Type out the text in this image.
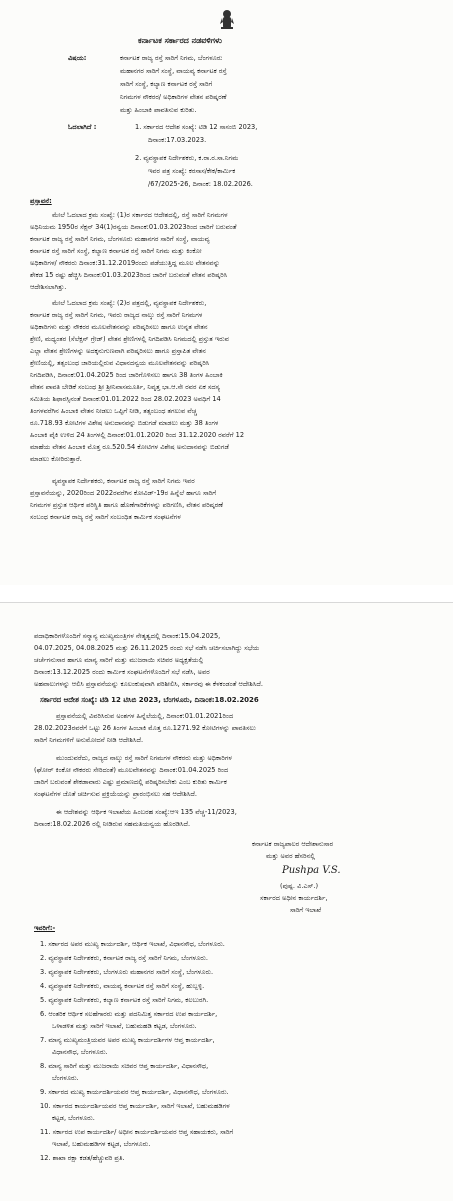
ಕರ್ನಾಟಕ ಸರ್ಕಾರದ ನಡವಳಿಗಳು
ವಿಷಯ:	ಕರ್ನಾಟಕ ರಾಜ್ಯ ರಸ್ತೆ ಸಾರಿಗೆ ನಿಗಮ, ಬೆಂಗಳೂರು
ಮಹಾನಗರ ಸಾರಿಗೆ ಸಂಸ್ಥೆ, ವಾಯವ್ಯ ಕರ್ನಾಟಕ ರಸ್ತೆ
ಸಾರಿಗೆ ಸಂಸ್ಥೆ, ಕಲ್ಯಾಣ ಕರ್ನಾಟಕ ರಸ್ತೆ ಸಾರಿಗೆ
ನಿಗಮಗಳ ನೌಕರರ/ ಅಧಿಕಾರಿಗಳ ವೇತನ ಪರಿಷ್ಕರಣೆ
ಮತ್ತು ಹಿಂಬಾಕಿ ಪಾವತಿಸುವ ಕುರಿತು.
ಓದಲಾಗಿದೆ :	1. ಸರ್ಕಾರದ ಆದೇಶ ಸಂಖ್ಯೆ: ಟಿಡಿ 12 ಸಾಸಂಬಿ 2023,
ದಿನಾಂಕ:17.03.2023.
2. ವ್ಯವಸ್ಥಾಪಕ ನಿರ್ದೇಶಕರು, ಕ.ರಾ.ರ.ಸಾ.ನಿಗಮ
ಇವರ ಪತ್ರ ಸಂಖ್ಯೆ: ಕರಸಾಸ/ಕೇಕ/ಕಾರ್ಮಿಕ
/67/2025-26, ದಿನಾಂಕ: 18.02.2026.
ಪ್ರಸ್ತಾವನೆ:
ಮೇಲೆ ಓದಲಾದ ಕ್ರಮ ಸಂಖ್ಯೆ: (1)ರ ಸರ್ಕಾರದ ಆದೇಶದಲ್ಲಿ, ರಸ್ತೆ ಸಾರಿಗೆ ನಿಗಮಗಳ
ಅಧಿನಿಯಮ 1950ರ ಸೆಕ್ಷನ್ 34(1)ರನ್ವಯ ದಿನಾಂಕ:01.03.2023ರಿಂದ ಜಾರಿಗೆ ಬರುವಂತೆ
ಕರ್ನಾಟಕ ರಾಜ್ಯ ರಸ್ತೆ ಸಾರಿಗೆ ನಿಗಮ, ಬೆಂಗಳೂರು ಮಹಾನಗರ ಸಾರಿಗೆ ಸಂಸ್ಥೆ, ವಾಯವ್ಯ
ಕರ್ನಾಟಕ ರಸ್ತೆ ಸಾರಿಗೆ ಸಂಸ್ಥೆ, ಕಲ್ಯಾಣ ಕರ್ನಾಟಕ ರಸ್ತೆ ಸಾರಿಗೆ ನಿಗಮ ಮತ್ತು ಕಿಂಕೋ
ಅಧಿಕಾರಿಗಳ/ ನೌಕರರು ದಿನಾಂಕ:31.12.2019ರಂದು ಪಡೆಯುತ್ತಿದ್ದ ಮೂಲ ವೇತನವನ್ನು
ಶೇಕಡ 15 ರಷ್ಟು ಹೆಚ್ಚಿಸಿ ದಿನಾಂಕ:01.03.2023ರಿಂದ ಜಾರಿಗೆ ಬರುವಂತೆ ವೇತನ ಪರಿಷ್ಕರಿಸಿ
ಆದೇಶಿಸಲಾಗಿತ್ತು.
ಮೇಲೆ ಓದಲಾದ ಕ್ರಮ ಸಂಖ್ಯೆ: (2)ರ ಪತ್ರದಲ್ಲಿ, ವ್ಯವಸ್ಥಾಪಕ ನಿರ್ದೇಶಕರು,
ಕರ್ನಾಟಕ ರಾಜ್ಯ ರಸ್ತೆ ಸಾರಿಗೆ ನಿಗಮ, ಇವರು ರಾಜ್ಯದ ನಾಲ್ಕು ರಸ್ತೆ ಸಾರಿಗೆ ನಿಗಮಗಳ
ಅಧಿಕಾರಿಗಳು ಮತ್ತು ನೌಕರರ ಮೂಲವೇತನವನ್ನು ಪರಿಷ್ಕರಿಸಲು ಹಾಗೂ ಉನ್ನತ ವೇತನ
ಶ್ರೇಣಿ, ಮಧ್ಯಂತರ (ಸೆಲೆಕ್ಷನ್ ಗ್ರೇಡ್) ವೇತನ ಶ್ರೇಣಿಗಳಲ್ಲಿ ನಿಗದಿಪಡಿಸಿ ನಿಗಮದಲ್ಲಿ ಪ್ರಸ್ತುತ ಇರುವ
ಎಲ್ಲಾ ವೇತನ ಶ್ರೇಣಿಗಳನ್ನು ಅದಕ್ಕನುಗುಣವಾಗಿ ಪರಿಷ್ಕರಿಸಲು ಹಾಗೂ ಪ್ರಸ್ತಾಪಿತ ವೇತನ
ಶ್ರೇಣಿಯಲ್ಲಿ, ತತ್ಸಂಬಂಧ ಜಾರಿಯಲ್ಲಿರುವ ವಿಧಾನದನ್ವಯ ಮೂಲವೇತನವನ್ನು ಪರಿಷ್ಕರಿಸಿ
ನಿಗದಿಪಡಿಸಿ, ದಿನಾಂಕ:01.04.2025 ರಿಂದ ಜಾರಿಗೊಳಿಸಲು ಹಾಗೂ 38 ತಿಂಗಳ ಹಿಂಬಾಕಿ
ವೇತನ ಪಾವತಿ ಬೇಡಿಕೆ ಸಂಬಂಧ ಶ್ರೀ ಶ್ರೀನಿವಾಸಮೂರ್ತಿ, ನಿವೃತ್ತ ಭಾ.ಆ.ಸೇ ರವರ ಏಕ ಸದಸ್ಯ
ಸಮಿತಿಯ ಶಿಫಾರಸ್ಸಿನಂತೆ ದಿನಾಂಕ:01.01.2022 ರಿಂದ 28.02.2023 ಅವಧಿಗೆ 14
ತಿಂಗಳವರೆಗಿನ ಹಿಂಬಾಕಿ ವೇತನ ನೀಡಲು ಒಪ್ಪಿಗೆ ನೀಡಿ, ತತ್ಸಂಬಂಧ ತಗಲುವ ವೆಚ್ಚ
ರೂ.718.93 ಕೋಟಿಗಳ ವಿಶೇಷ ಅನುದಾನವನ್ನು ಬಿಡುಗಡೆ ಮಾಡಲು ಮತ್ತು 38 ತಿಂಗಳ
ಹಿಂಬಾಕಿ ಪೈಕಿ ಉಳಿದ 24 ತಿಂಗಳಲ್ಲಿ ದಿನಾಂಕ:01.01.2020 ರಿಂದ 31.12.2020 ರವರೆಗೆ 12
ಮಾಹೆಯ ವೇತನ ಹಿಂಬಾಕಿ ಮೊತ್ತ ರೂ.520.54 ಕೋಟಿಗಳ ವಿಶೇಷ ಅನುದಾನವನ್ನು ಬಿಡುಗಡೆ
ಮಾಡಲು ಕೋರಿರುತ್ತಾರೆ.
ವ್ಯವಸ್ಥಾಪಕ ನಿರ್ದೇಶಕರು, ಕರ್ನಾಟಕ ರಾಜ್ಯ ರಸ್ತೆ ಸಾರಿಗೆ ನಿಗಮ ಇವರ
ಪ್ರಸ್ತಾವನೆಯನ್ನು, 2020ರಿಂದ 2022ರವರೆಗಿನ ಕೋವಿಡ್-19ರ ಹಿನ್ನೆಲೆ ಹಾಗೂ ಸಾರಿಗೆ
ನಿಗಮಗಳ ಪ್ರಸ್ತುತ ಆರ್ಥಿಕ ಪರಿಸ್ಥಿತಿ ಹಾಗೂ ಹೊಣೆಗಾರಿಕೆಗಳನ್ನು ಪರಿಗಣಿಸಿ, ವೇತನ ಪರಿಷ್ಕರಣೆ
ಸಂಬಂಧ ಕರ್ನಾಟಕ ರಾಜ್ಯ ರಸ್ತೆ ಸಾರಿಗೆ ಸಂಬಂಧಿತ ಕಾರ್ಮಿಕ ಸಂಘಟನೆಗಳ
ಪದಾಧಿಕಾರಿಗಳೊಂದಿಗೆ ಸನ್ಮಾನ್ಯ ಮುಖ್ಯಮಂತ್ರಿಗಳ ನೇತೃತ್ವದಲ್ಲಿ ದಿನಾಂಕ:15.04.2025,
04.07.2025, 04.08.2025 ಮತ್ತು 26.11.2025 ರಂದು ಸಭೆ ನಡೆಸಿ ಚರ್ಚಿಸಲಾಗಿದ್ದು ಸಭೆಯ
ಚರ್ಚೆಗನುಸಾರ ಹಾಗೂ ಮಾನ್ಯ ಸಾರಿಗೆ ಮತ್ತು ಮುಜರಾಯಿ ಸಚಿವರ ಅಧ್ಯಕ್ಷತೆಯಲ್ಲಿ
ದಿನಾಂಕ:13.12.2025 ರಂದು ಕಾರ್ಮಿಕ ಸಂಘಟನೆಗಳೊಂದಿಗೆ ಸಭೆ ನಡೆಸಿ, ಅವರ
ಅಹವಾಲುಗಳನ್ನು ಆಲಿಸಿ ಪ್ರಸ್ತಾವನೆಯನ್ನು ಕೂಲಂಕುಷವಾಗಿ ಪರಿಶೀಲಿಸಿ, ಸರ್ಕಾರವು ಈ ಕೆಳಕಂಡಂತೆ ಆದೇಶಿಸಿದೆ.
ಸರ್ಕಾರದ ಆದೇಶ ಸಂಖ್ಯೆ: ಟಿಡಿ 12 ಟಿಸಿಬಿ 2023, ಬೆಂಗಳೂರು, ದಿನಾಂಕ:18.02.2026
ಪ್ರಸ್ತಾವನೆಯಲ್ಲಿ ವಿವರಿಸಿರುವ ಅಂಶಗಳ ಹಿನ್ನೆಲೆಯಲ್ಲಿ, ದಿನಾಂಕ:01.01.2021ರಿಂದ
28.02.2023ರವರೆಗೆ ಒಟ್ಟು 26 ತಿಂಗಳ ಹಿಂಬಾಕಿ ಮೊತ್ತ ರೂ.1271.92 ಕೋಟಿಗಳನ್ನು ಪಾವತಿಸಲು
ಸಾರಿಗೆ ನಿಗಮಗಳಿಗೆ ಅನುಮೋದನೆ ನೀಡಿ ಆದೇಶಿಸಿದೆ.
ಮುಂದುವರೆದು, ರಾಜ್ಯದ ನಾಲ್ಕು ರಸ್ತೆ ಸಾರಿಗೆ ನಿಗಮಗಳ ನೌಕರರು ಮತ್ತು ಅಧಿಕಾರಿಗಳ
(ಘೋರ್ ಕಿಂಕೋ ನೌಕರರು ಸೇರಿದಂತೆ) ಮೂಲವೇತನವನ್ನು ದಿನಾಂಕ:01.04.2025 ರಿಂದ
ಜಾರಿಗೆ ಬರುವಂತೆ ಶೇಕಡಾವಾರು ಎಷ್ಟು ಪ್ರಮಾಣದಲ್ಲಿ ಪರಿಷ್ಕರಿಸಬೇಕು ಎಂಬ ಕುರಿತು ಕಾರ್ಮಿಕ
ಸಂಘಟನೆಗಳ ಜೊತೆ ಚರ್ಚಿಸುವ ಪ್ರಕ್ರಿಯೆಯನ್ನು ಪ್ರಾರಂಭಿಸಲು ಸಹ ಆದೇಶಿಸಿದೆ.
ಈ ಆದೇಶವನ್ನು ಆರ್ಥಿಕ ಇಲಾಖೆಯ ಹಿಂಬರಹ ಸಂಖ್ಯೆ:ಆಇ 135 ವೆಚ್ಚ-11/2023,
ದಿನಾಂಕ:18.02.2026 ರಲ್ಲಿ ನೀಡಿರುವ ಸಹಮತಿಯನ್ವಯ ಹೊರಡಿಸಿದೆ.
ಕರ್ನಾಟಕ ರಾಜ್ಯಪಾಲರ ಆದೇಶಾನುಸಾರ
ಮತ್ತು ಅವರ ಹೆಸರಿನಲ್ಲಿ
Pushpa V.S.
(ಪುಷ್ಪ. ವಿ.ಎಸ್.)
ಸರ್ಕಾರದ ಅಧೀನ ಕಾರ್ಯದರ್ಶಿ,
ಸಾರಿಗೆ ಇಲಾಖೆ
ಇವರಿಗೆ:-
1. ಸರ್ಕಾರದ ಅಪರ ಮುಖ್ಯ ಕಾರ್ಯದರ್ಶಿ, ಆರ್ಥಿಕ ಇಲಾಖೆ, ವಿಧಾನಸೌಧ, ಬೆಂಗಳೂರು.
2. ವ್ಯವಸ್ಥಾಪಕ ನಿರ್ದೇಶಕರು, ಕರ್ನಾಟಕ ರಾಜ್ಯ ರಸ್ತೆ ಸಾರಿಗೆ ನಿಗಮ, ಬೆಂಗಳೂರು.
3. ವ್ಯವಸ್ಥಾಪಕ ನಿರ್ದೇಶಕರು, ಬೆಂಗಳೂರು ಮಹಾನಗರ ಸಾರಿಗೆ ಸಂಸ್ಥೆ, ಬೆಂಗಳೂರು.
4. ವ್ಯವಸ್ಥಾಪಕ ನಿರ್ದೇಶಕರು, ವಾಯವ್ಯ ಕರ್ನಾಟಕ ರಸ್ತೆ ಸಾರಿಗೆ ಸಂಸ್ಥೆ, ಹುಬ್ಬಳ್ಳಿ.
5. ವ್ಯವಸ್ಥಾಪಕ ನಿರ್ದೇಶಕರು, ಕಲ್ಯಾಣ ಕರ್ನಾಟಕ ರಸ್ತೆ ಸಾರಿಗೆ ನಿಗಮ, ಕಲಬುರಗಿ.
6. ಆಂತರಿಕ ಆರ್ಥಿಕ ಸಲಹೆಗಾರರು ಮತ್ತು ಪದನಿಮಿತ್ತ ಸರ್ಕಾರದ ಉಪ ಕಾರ್ಯದರ್ಶಿ,
ಒಳಾಡಳಿತ ಮತ್ತು ಸಾರಿಗೆ ಇಲಾಖೆ, ಬಹುಮಹಡಿ ಕಟ್ಟಡ, ಬೆಂಗಳೂರು.
7. ಮಾನ್ಯ ಮುಖ್ಯಮಂತ್ರಿಯವರ ಅಪರ ಮುಖ್ಯ ಕಾರ್ಯದರ್ಶಿಗಳ ಆಪ್ತ ಕಾರ್ಯದರ್ಶಿ,
ವಿಧಾನಸೌಧ, ಬೆಂಗಳೂರು.
8. ಮಾನ್ಯ ಸಾರಿಗೆ ಮತ್ತು ಮುಜರಾಯಿ ಸಚಿವರ ಆಪ್ತ ಕಾರ್ಯದರ್ಶಿ, ವಿಧಾನಸೌಧ,
ಬೆಂಗಳೂರು.
9. ಸರ್ಕಾರದ ಮುಖ್ಯ ಕಾರ್ಯದರ್ಶಿಯವರ ಆಪ್ತ ಕಾರ್ಯದರ್ಶಿ, ವಿಧಾನಸೌಧ, ಬೆಂಗಳೂರು.
10. ಸರ್ಕಾರದ ಕಾರ್ಯದರ್ಶಿಯವರ ಆಪ್ತ ಕಾರ್ಯದರ್ಶಿ, ಸಾರಿಗೆ ಇಲಾಖೆ, ಬಹುಮಹಡಿಗಳ
ಕಟ್ಟಡ, ಬೆಂಗಳೂರು.
11. ಸರ್ಕಾರದ ಉಪ ಕಾರ್ಯದರ್ಶಿ/ ಅಧೀನ ಕಾರ್ಯದರ್ಶಿಯವರ ಆಪ್ತ ಸಹಾಯಕರು, ಸಾರಿಗೆ
ಇಲಾಖೆ, ಬಹುಮಹಡಿಗಳ ಕಟ್ಟಡ, ಬೆಂಗಳೂರು.
12. ಶಾಖಾ ರಕ್ಷಾ ಕಡತ/ಹೆಚ್ಚುವರಿ ಪ್ರತಿ.
